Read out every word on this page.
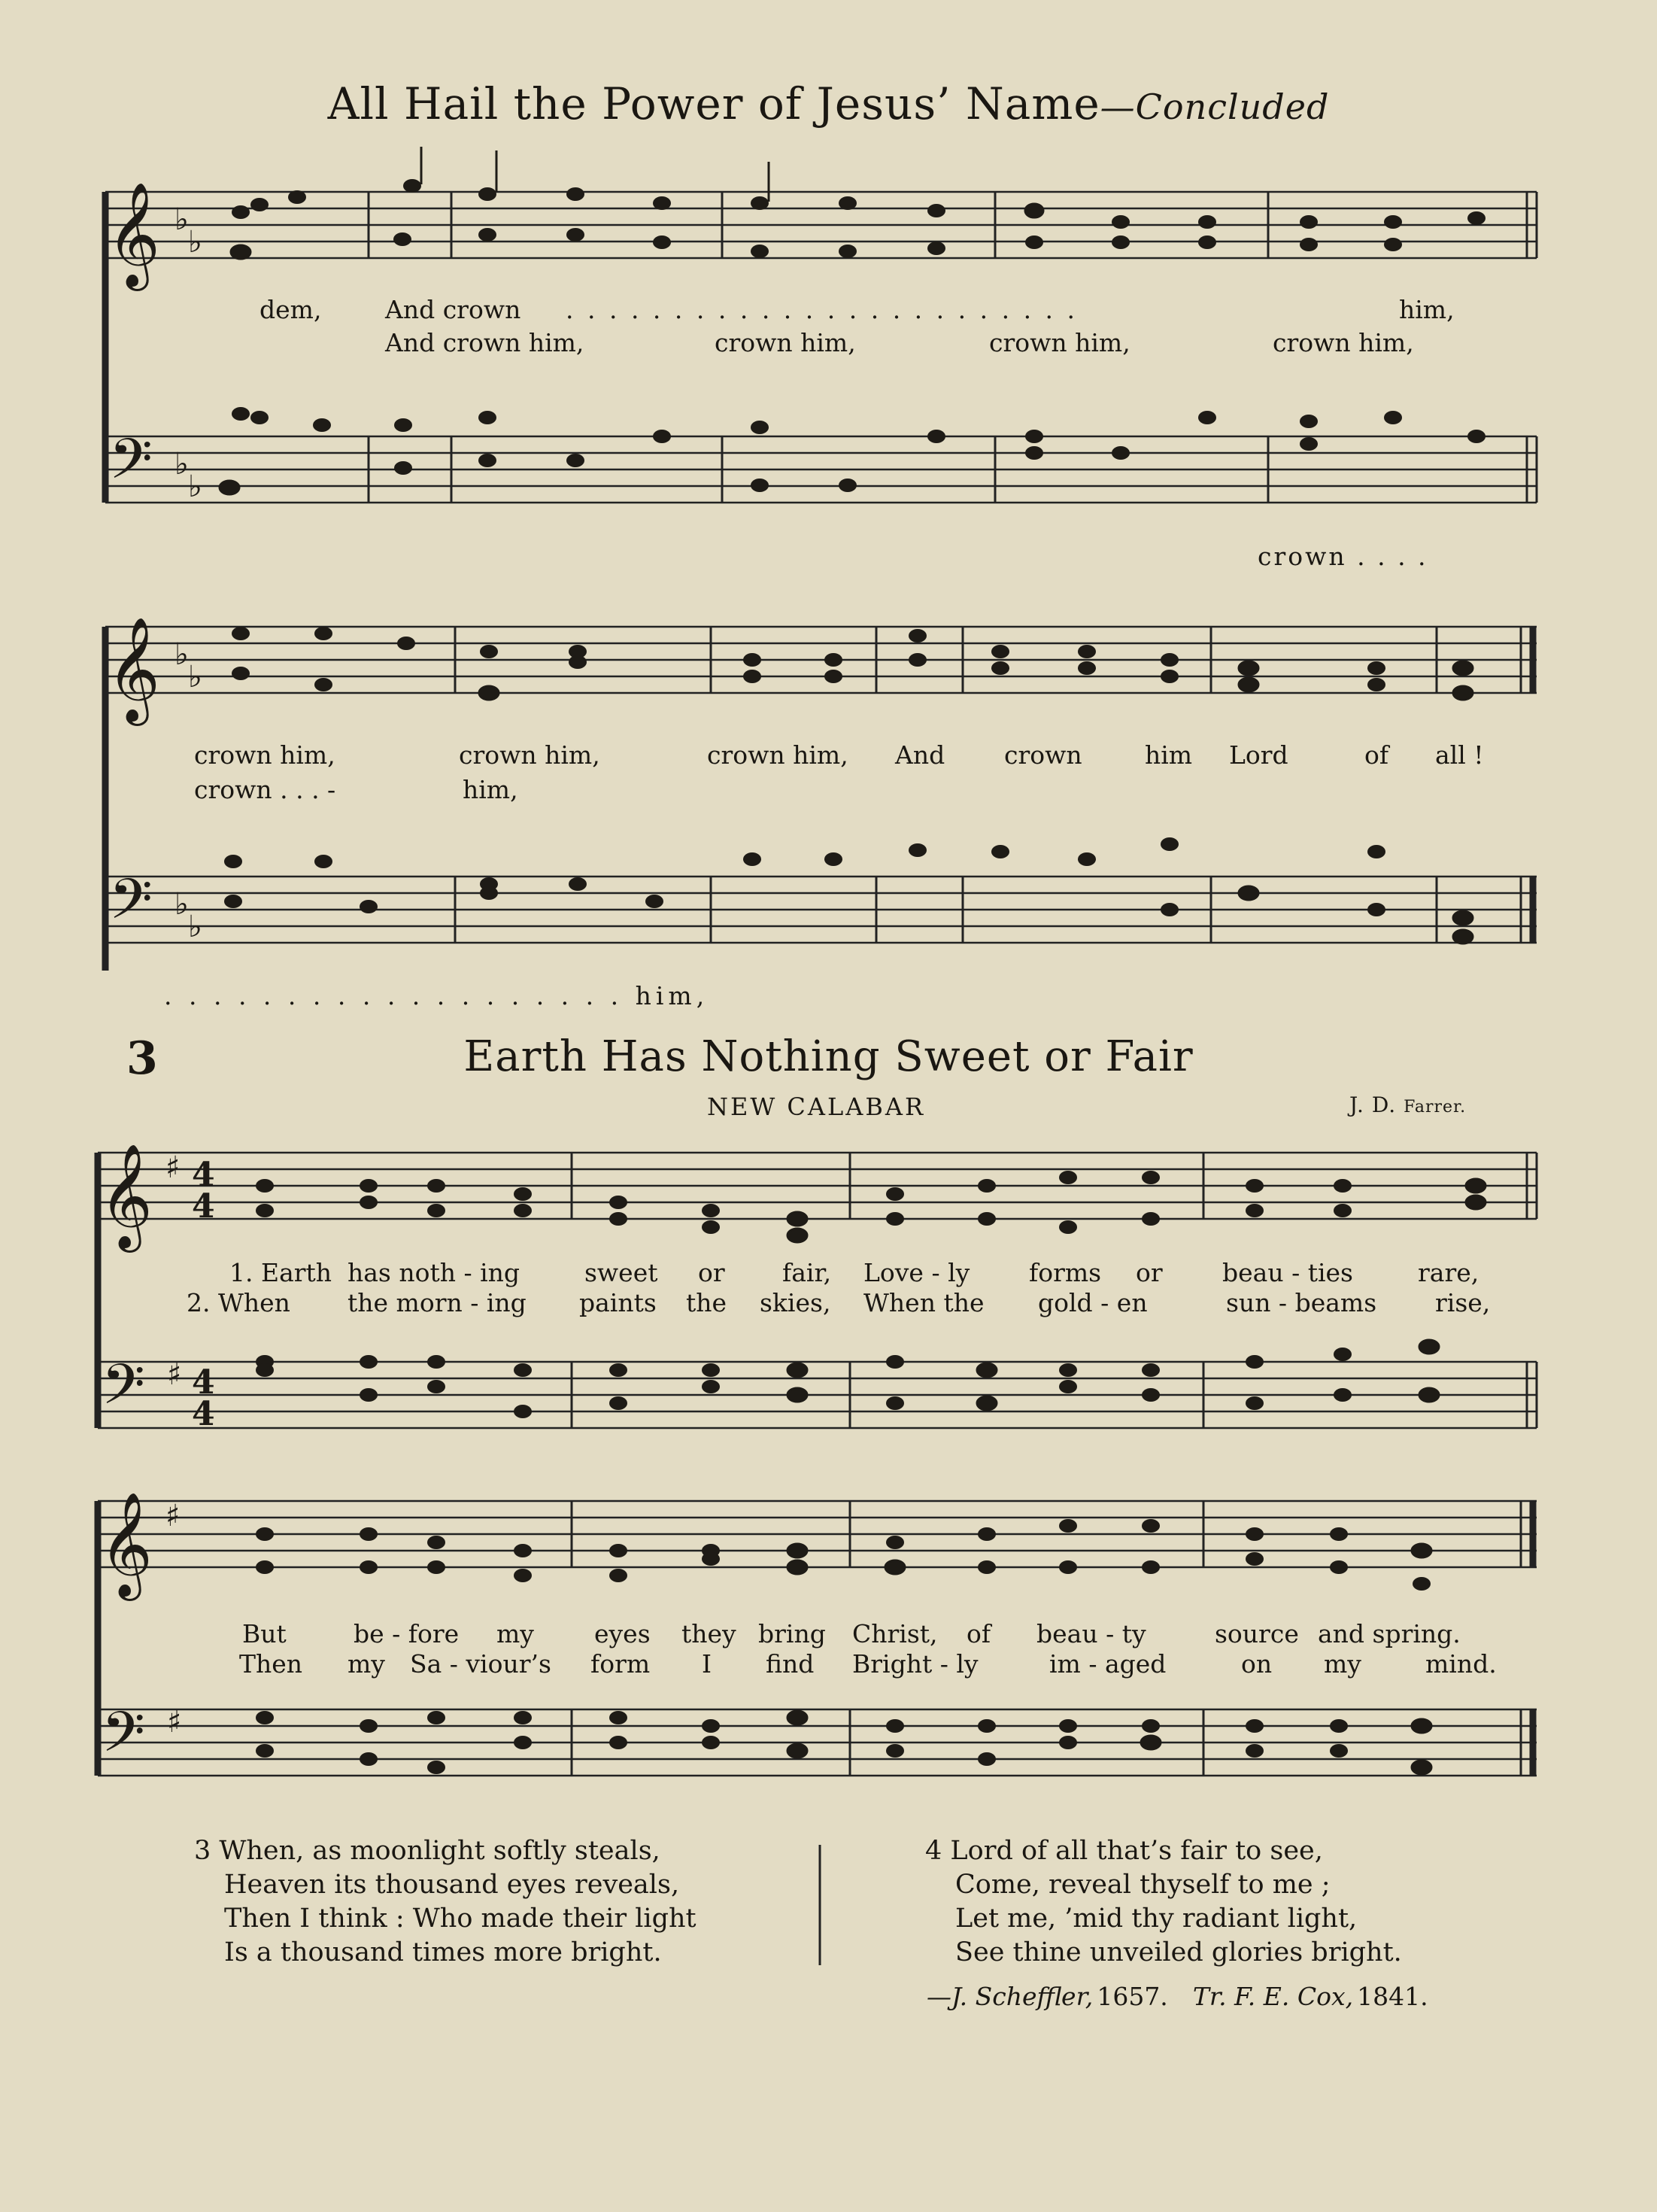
All Hail the Power of Jesus’ Name—Concluded
3	Earth Has Nothing Sweet or Fair
NEW CALABAR	J. D. Farrer.
𝄞 ♭
♭
𝄢 ♭
♭
𝄞 ♭
♭
𝄢 ♭
♭
𝄞 ♯ 4
4
𝄢 ♯ 4
4
𝄞 ♯
𝄢 ♯
dem,	And crown . . . . . . . . . . . . . . . . . . . . . . . .	him,
And crown him,	crown him,	crown him,	crown him,
crown . . . .
crown him,	crown him,	crown him, And crown	him Lord	of all !
crown . . . -	him,
. . . . . . . . . . . . . . . . . . . him,
1. Earth has noth - ing	sweet or fair, Love - ly forms or beau - ties	rare,
2. When the morn - ing paints the skies, When the gold - en	sun - beams rise,
But	be - fore my eyes they bring Christ, of beau - ty	source and spring.
Then my Sa - viour’s form I find Bright - ly	im - aged	on my	mind.
3 When, as moonlight softly steals,
Heaven its thousand eyes reveals,
Then I think : Who made their light
Is a thousand times more bright.
4 Lord of all that’s fair to see,
Come, reveal thyself to me ;
Let me, ’mid thy radiant light,
See thine unveiled glories bright.
—J. Scheffler, 1657. Tr. F. E. Cox, 1841.
